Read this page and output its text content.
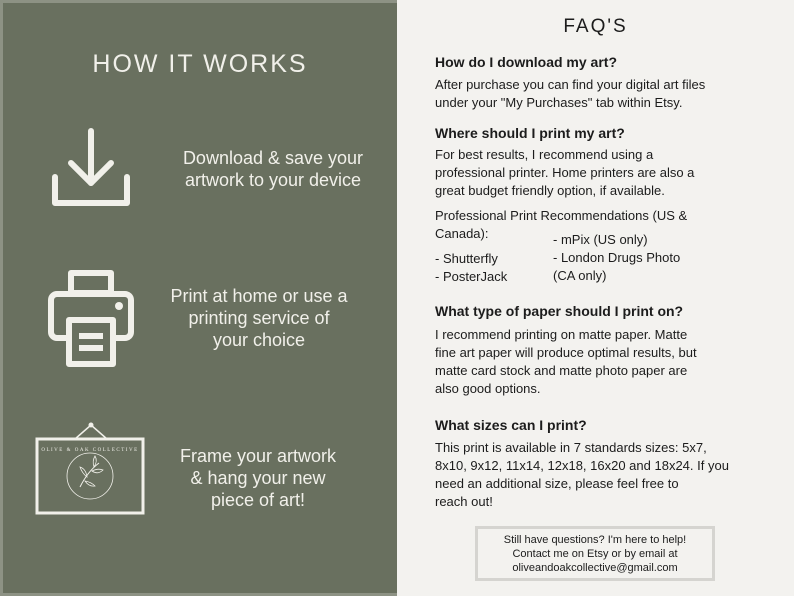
HOW IT WORKS
Download & save your
artwork to your device
Print at home or use a
printing service of
your choice
OLIVE & OAK COLLECTIVE	Frame your artwork
& hang your new
piece of art!
FAQ'S
How do I download my art?
After purchase you can find your digital art files
under your "My Purchases" tab within Etsy.
Where should I print my art?
For best results, I recommend using a
professional printer. Home printers are also a
great budget friendly option, if available.
Professional Print Recommendations (US &
Canada):
- Shutterfly
- PosterJack
- mPix (US only)
- London Drugs Photo
(CA only)
What type of paper should I print on?
I recommend printing on matte paper. Matte
fine art paper will produce optimal results, but
matte card stock and matte photo paper are
also good options.
What sizes can I print?
This print is available in 7 standards sizes: 5x7,
8x10, 9x12, 11x14, 12x18, 16x20 and 18x24. If you
need an additional size, please feel free to
reach out!
Still have questions? I'm here to help!
Contact me on Etsy or by email at
oliveandoakcollective@gmail.com
